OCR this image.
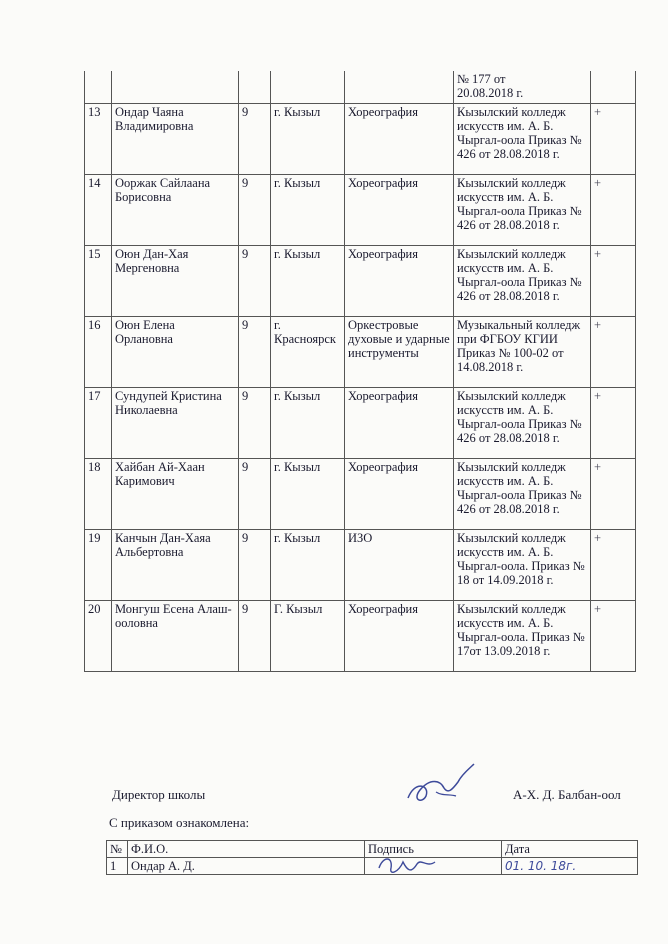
					№ 177 от
20.08.2018 г.	
13	Ондар Чаяна Владимировна	9	г. Кызыл	Хореография	Кызылский колледж искусств им. А. Б. Чыргал-оола Приказ № 426 от 28.08.2018 г.	+
14	Ооржак Сайлаана Борисовна	9	г. Кызыл	Хореография	Кызылский колледж искусств им. А. Б. Чыргал-оола Приказ № 426 от 28.08.2018 г.	+
15	Оюн Дан-Хая Мергеновна	9	г. Кызыл	Хореография	Кызылский колледж искусств им. А. Б. Чыргал-оола Приказ № 426 от 28.08.2018 г.	+
16	Оюн Елена Орлановна	9	г. Красноярск	Оркестровые духовые и ударные инструменты	Музыкальный колледж при ФГБОУ КГИИ Приказ № 100-02 от 14.08.2018 г.	+
17	Сундупей Кристина Николаевна	9	г. Кызыл	Хореография	Кызылский колледж искусств им. А. Б. Чыргал-оола Приказ № 426 от 28.08.2018 г.	+
18	Хайбан Ай-Хаан Каримович	9	г. Кызыл	Хореография	Кызылский колледж искусств им. А. Б. Чыргал-оола Приказ № 426 от 28.08.2018 г.	+
19	Канчын Дан-Хаяа Альбертовна	9	г. Кызыл	ИЗО	Кызылский колледж искусств им. А. Б. Чыргал-оола. Приказ № 18 от 14.09.2018 г.	+
20	Монгуш Есена Алаш-ооловна	9	Г. Кызыл	Хореография	Кызылский колледж искусств им. А. Б. Чыргал-оола. Приказ № 17от 13.09.2018 г.	+
Директор школы	А-Х. Д. Балбан-оол
С приказом ознакомлена:
№	Ф.И.О.	Подпись	Дата
1	Ондар А. Д.		01. 10. 18г.
